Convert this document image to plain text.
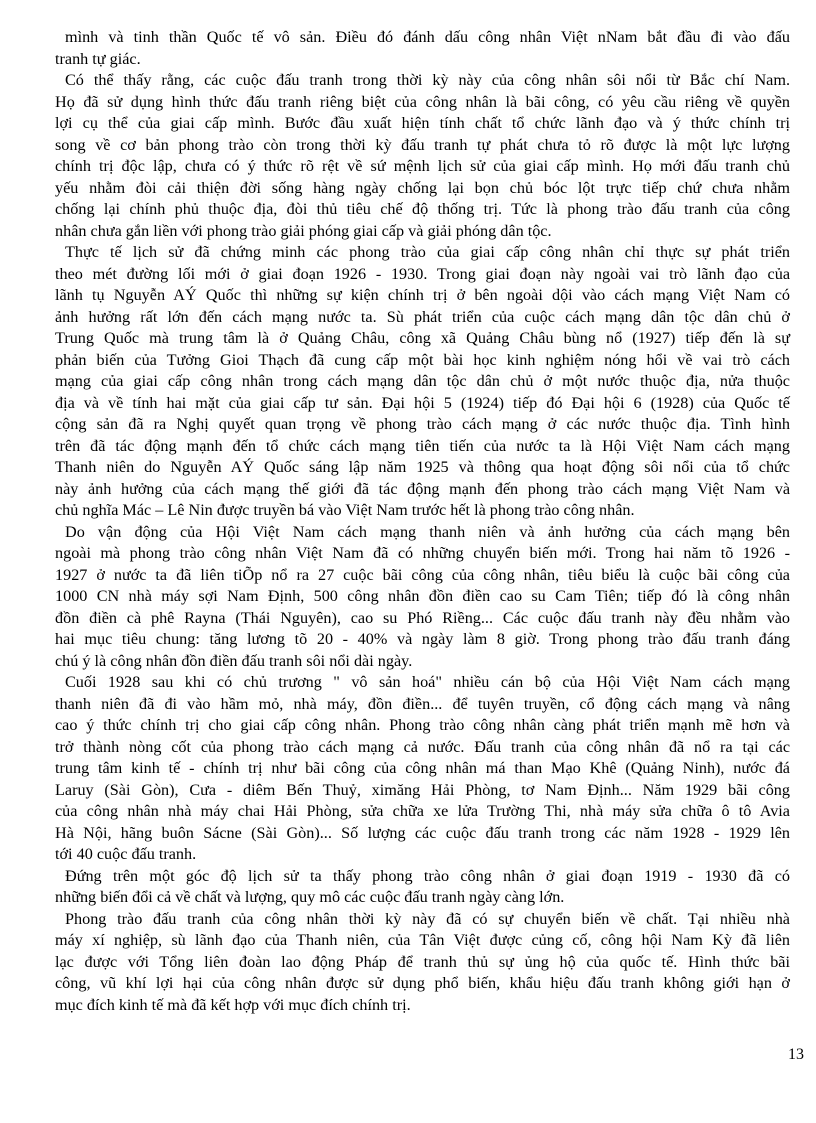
mình và tinh thần Quốc tế vô sản. Điều đó đánh dấu công nhân Việt nNam bắt đầu đi vào đấu
tranh tự giác.
Có thể thấy rằng, các cuộc đấu tranh trong thời kỳ này của công nhân sôi nổi từ Bắc chí Nam.
Họ đã sử dụng hình thức đấu tranh riêng biệt của công nhân là bãi công, có yêu cầu riêng về quyền
lợi cụ thể của giai cấp mình. Bước đầu xuất hiện tính chất tổ chức lãnh đạo và ý thức chính trị
song về cơ bản phong trào còn trong thời kỳ đấu tranh tự phát chưa tỏ rõ được là một lực lượng
chính trị độc lập, chưa có ý thức rõ rệt về sứ mệnh lịch sử của giai cấp mình. Họ mới đấu tranh chủ
yếu nhằm đòi cải thiện đời sống hàng ngày chống lại bọn chủ bóc lột trực tiếp chứ chưa nhằm
chống lại chính phủ thuộc địa, đòi thủ tiêu chế độ thống trị. Tức là phong trào đấu tranh của công
nhân chưa gắn liền với phong trào giải phóng giai cấp và giải phóng dân tộc.
Thực tế lịch sử đã chứng minh các phong trào của giai cấp công nhân chỉ thực sự phát triển
theo mét đường lối mới ở giai đoạn 1926 - 1930. Trong giai đoạn này ngoài vai trò lãnh đạo của
lãnh tụ Nguyễn AÝ Quốc thì những sự kiện chính trị ở bên ngoài dội vào cách mạng Việt Nam có
ảnh hưởng rất lớn đến cách mạng nước ta. Sù phát triển của cuộc cách mạng dân tộc dân chủ ở
Trung Quốc mà trung tâm là ở Quảng Châu, công xã Quảng Châu bùng nổ (1927) tiếp đến là sự
phản biến của Tưởng Gioi Thạch đã cung cấp một bài học kinh nghiệm nóng hổi về vai trò cách
mạng của giai cấp công nhân trong cách mạng dân tộc dân chủ ở một nước thuộc địa, nửa thuộc
địa và về tính hai mặt của giai cấp tư sản. Đại hội 5 (1924) tiếp đó Đại hội 6 (1928) của Quốc tế
cộng sản đã ra Nghị quyết quan trọng về phong trào cách mạng ở các nước thuộc địa. Tình hình
trên đã tác động mạnh đến tổ chức cách mạng tiên tiến của nước ta là Hội Việt Nam cách mạng
Thanh niên do Nguyễn AÝ Quốc sáng lập năm 1925 và thông qua hoạt động sôi nổi của tổ chức
này ảnh hưởng của cách mạng thế giới đã tác động mạnh đến phong trào cách mạng Việt Nam và
chủ nghĩa Mác – Lê Nin được truyền bá vào Việt Nam trước hết là phong trào công nhân.
Do vận động của Hội Việt Nam cách mạng thanh niên và ảnh hưởng của cách mạng bên
ngoài mà phong trào công nhân Việt Nam đã có những chuyển biến mới. Trong hai năm tõ 1926 -
1927 ở nước ta đã liên tiÕp nổ ra 27 cuộc bãi công của công nhân, tiêu biểu là cuộc bãi công của
1000 CN nhà máy sợi Nam Định, 500 công nhân đồn điền cao su Cam Tiên; tiếp đó là công nhân
đồn điền cà phê Rayna (Thái Nguyên), cao su Phó Riềng... Các cuộc đấu tranh này đều nhằm vào
hai mục tiêu chung: tăng lương tõ 20 - 40% và ngày làm 8 giờ. Trong phong trào đấu tranh đáng
chú ý là công nhân đồn điền đấu tranh sôi nổi dài ngày.
Cuối 1928 sau khi có chủ trương " vô sản hoá" nhiều cán bộ của Hội Việt Nam cách mạng
thanh niên đã đi vào hầm mỏ, nhà máy, đồn điền... để tuyên truyền, cổ động cách mạng và nâng
cao ý thức chính trị cho giai cấp công nhân. Phong trào công nhân càng phát triển mạnh mẽ hơn và
trở thành nòng cốt của phong trào cách mạng cả nước. Đấu tranh của công nhân đã nổ ra tại các
trung tâm kinh tế - chính trị như bãi công của công nhân má than Mạo Khê (Quảng Ninh), nước đá
Laruy (Sài Gòn), Cưa - diêm Bến Thuỷ, ximăng Hải Phòng, tơ Nam Định... Năm 1929 bãi công
của công nhân nhà máy chai Hải Phòng, sửa chữa xe lửa Trường Thi, nhà máy sửa chữa ô tô Avia
Hà Nội, hãng buôn Sácne (Sài Gòn)... Số lượng các cuộc đấu tranh trong các năm 1928 - 1929 lên
tới 40 cuộc đấu tranh.
Đứng trên một góc độ lịch sử ta thấy phong trào công nhân ở giai đoạn 1919 - 1930 đã có
những biến đổi cả về chất và lượng, quy mô các cuộc đấu tranh ngày càng lớn.
Phong trào đấu tranh của công nhân thời kỳ này đã có sự chuyển biến về chất. Tại nhiều nhà
máy xí nghiệp, sù lãnh đạo của Thanh niên, của Tân Việt được củng cố, công hội Nam Kỳ đã liên
lạc được với Tổng liên đoàn lao động Pháp để tranh thủ sự ủng hộ của quốc tế. Hình thức bãi
công, vũ khí lợi hại của công nhân được sử dụng phổ biến, khẩu hiệu đấu tranh không giới hạn ở
mục đích kinh tế mà đã kết hợp với mục đích chính trị.
13
